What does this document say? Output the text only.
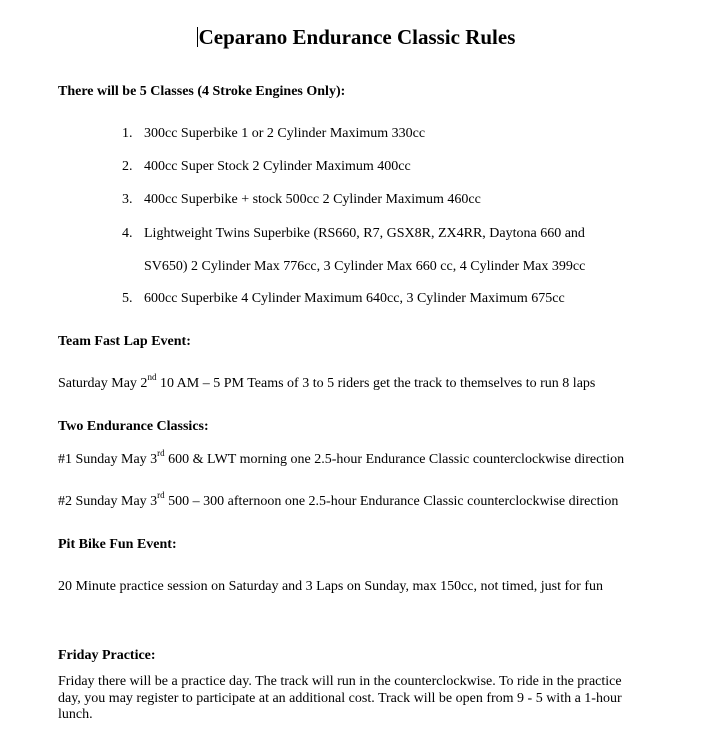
Ceparano Endurance Classic Rules
There will be 5 Classes (4 Stroke Engines Only):
1. 300cc Superbike 1 or 2 Cylinder Maximum 330cc
2. 400cc Super Stock 2 Cylinder Maximum 400cc
3. 400cc Superbike + stock 500cc 2 Cylinder Maximum 460cc
4. Lightweight Twins Superbike (RS660, R7, GSX8R, ZX4RR, Daytona 660 and
SV650) 2 Cylinder Max 776cc, 3 Cylinder Max 660 cc, 4 Cylinder Max 399cc
5. 600cc Superbike 4 Cylinder Maximum 640cc, 3 Cylinder Maximum 675cc
Team Fast Lap Event:
Saturday May 2nd 10 AM – 5 PM Teams of 3 to 5 riders get the track to themselves to run 8 laps
Two Endurance Classics:
#1 Sunday May 3rd 600 & LWT morning one 2.5-hour Endurance Classic counterclockwise direction
#2 Sunday May 3rd 500 – 300 afternoon one 2.5-hour Endurance Classic counterclockwise direction
Pit Bike Fun Event:
20 Minute practice session on Saturday and 3 Laps on Sunday, max 150cc, not timed, just for fun
Friday Practice:
Friday there will be a practice day. The track will run in the counterclockwise. To ride in the practice
day, you may register to participate at an additional cost. Track will be open from 9 - 5 with a 1-hour
lunch.
